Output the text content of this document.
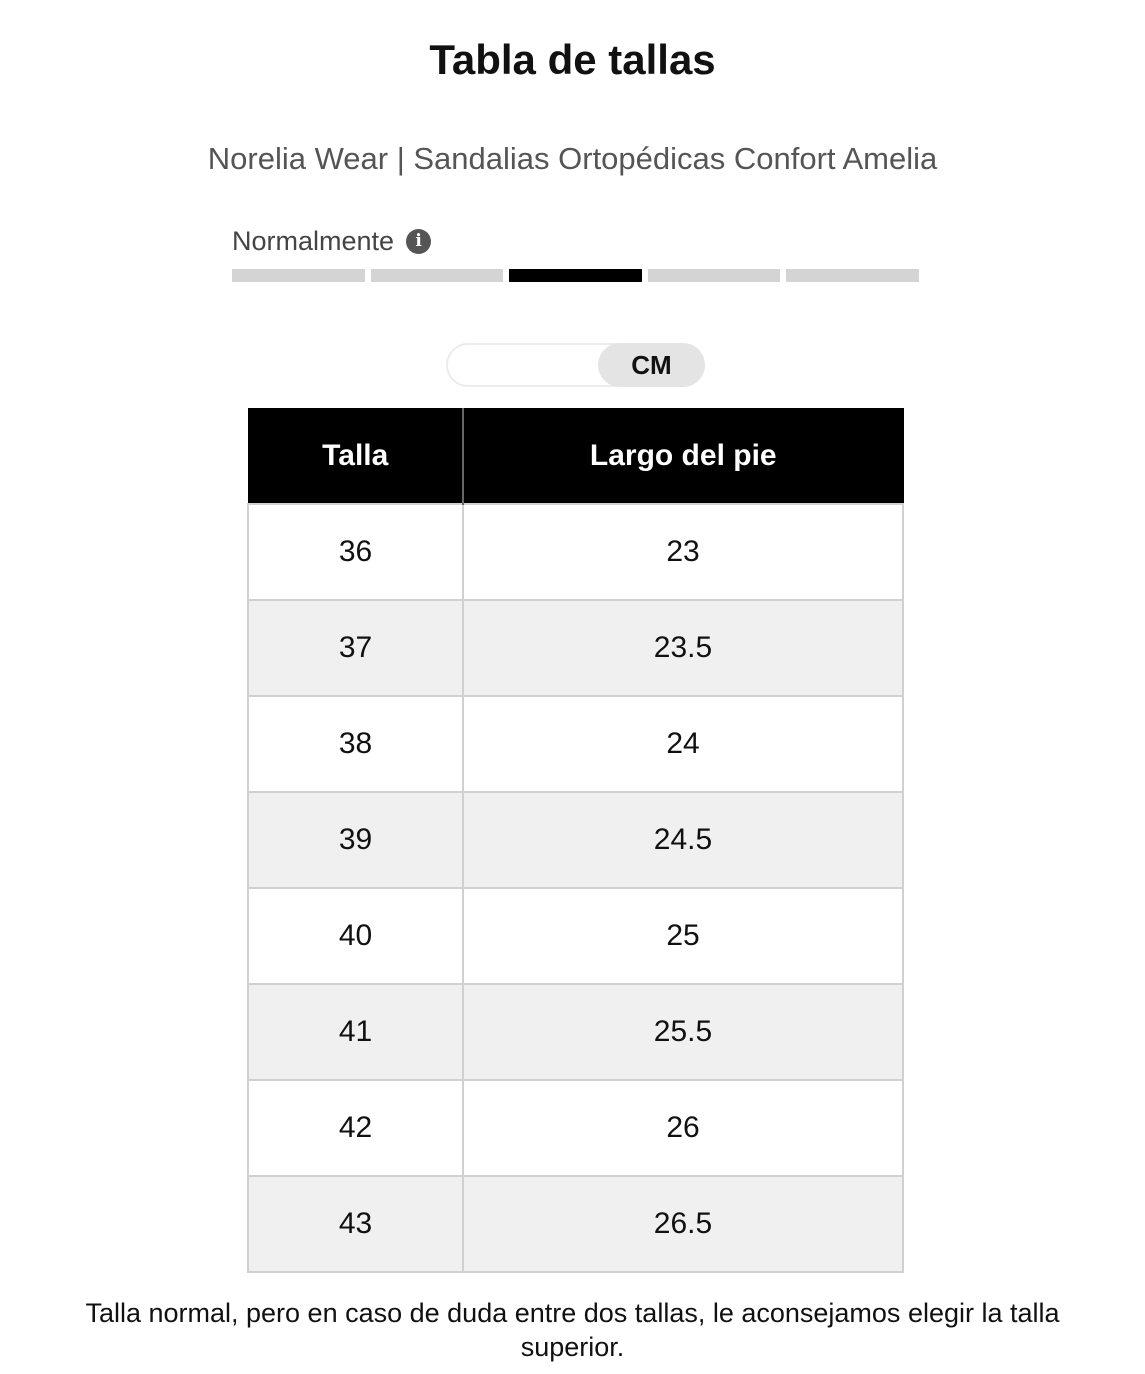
Tabla de tallas
Norelia Wear | Sandalias Ortopédicas Confort Amelia
Normalmente	i
CM
Talla	Largo del pie
36	23
37	23.5
38	24
39	24.5
40	25
41	25.5
42	26
43	26.5
Talla normal, pero en caso de duda entre dos tallas, le aconsejamos elegir la talla superior.
